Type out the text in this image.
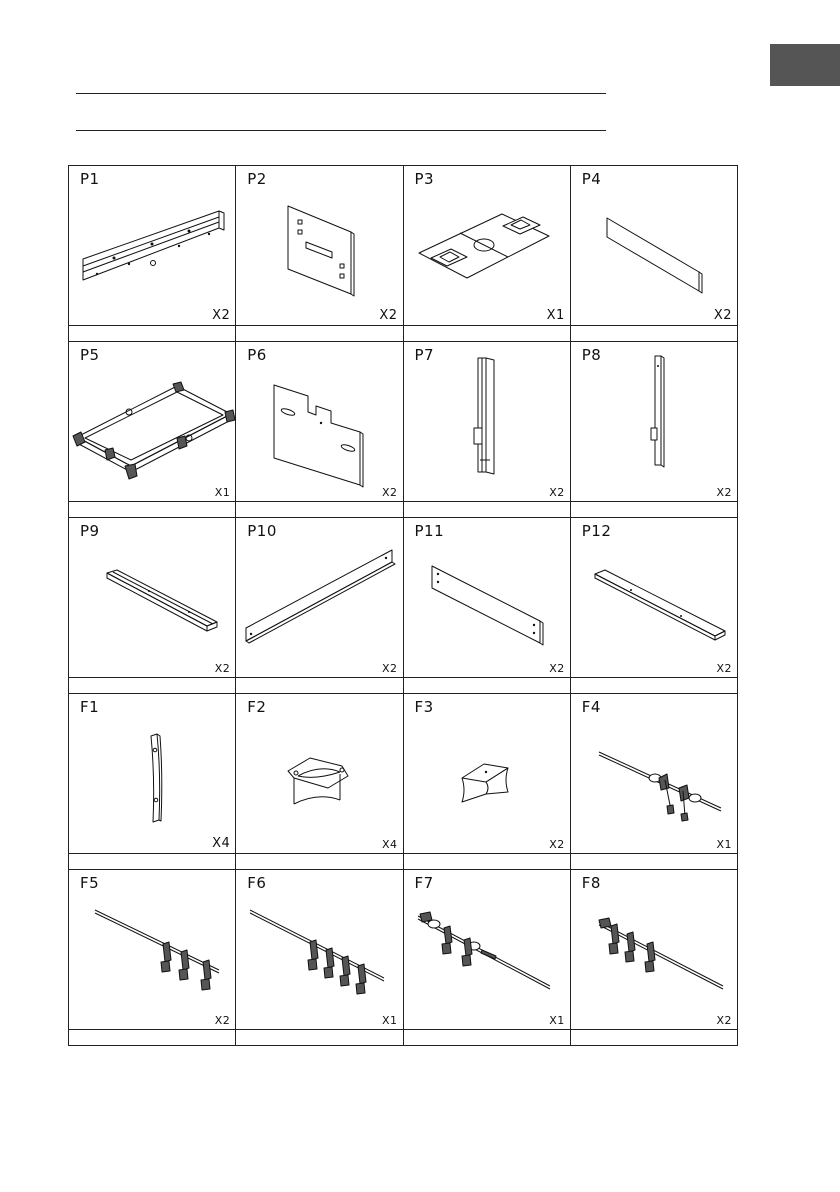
P1
X2
P2
X2
P3
X1
P4
X2
P5
X1
P6
X2
P7
X2
P8
X2
P9
X2
P10
X2
P11
X2
P12
X2
F1
X4
F2
X4
F3
X2
F4
X1
F5
X2
F6
X1
F7
X1
F8
X2
